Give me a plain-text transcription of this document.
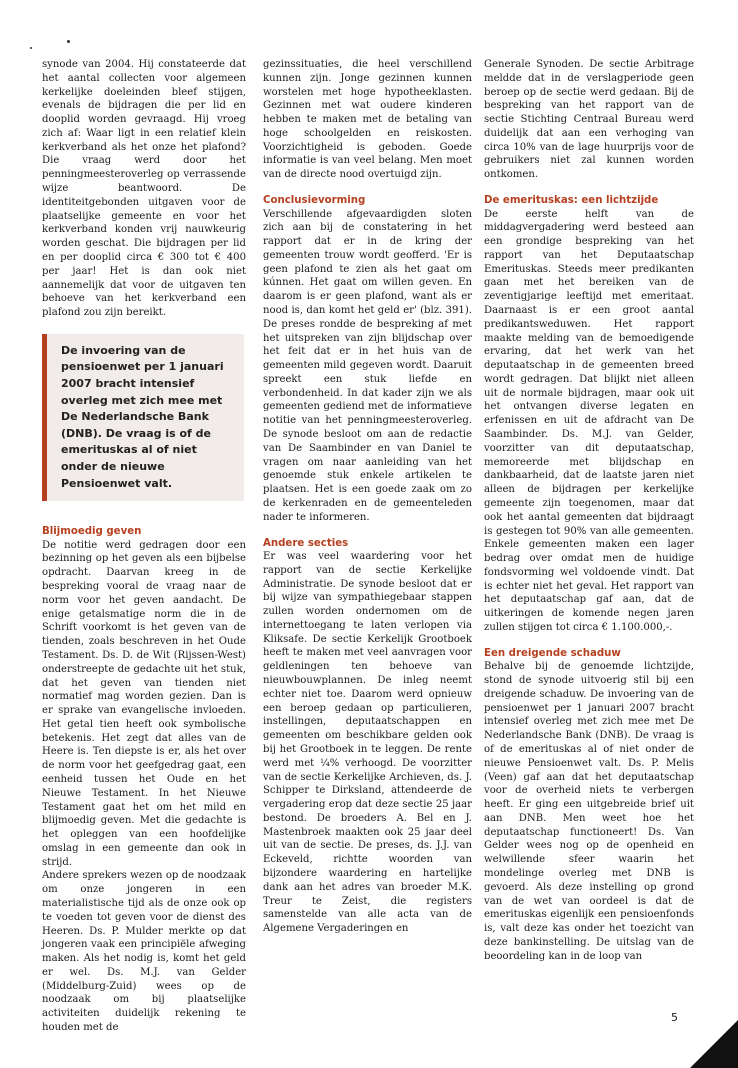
synode van 2004. Hij constateerde dat het aantal collecten voor algemeen kerkelijke doeleinden bleef stijgen, evenals de bijdragen die per lid en dooplid worden gevraagd. Hij vroeg zich af: Waar ligt in een relatief klein kerkverband als het onze het plafond? Die vraag werd door het penningmeesteroverleg op verrassende wijze beantwoord. De identiteitgebonden uitgaven voor de plaatselijke gemeente en voor het kerkverband konden vrij nauwkeurig worden geschat. Die bijdragen per lid en per dooplid circa € 300 tot € 400 per jaar! Het is dan ook niet aannemelijk dat voor de uitgaven ten behoeve van het kerkverband een plafond zou zijn bereikt.

De invoering van de pensioenwet per 1 januari 2007 bracht intensief overleg met zich mee met De Nederlandsche Bank (DNB). De vraag is of de emerituskas al of niet onder de nieuwe Pensioenwet valt.
Blijmoedig geven

De notitie werd gedragen door een bezinning op het geven als een bijbelse opdracht. Daarvan kreeg in de bespreking vooral de vraag naar de norm voor het geven aandacht. De enige getalsmatige norm die in de Schrift voorkomt is het geven van de tienden, zoals beschreven in het Oude Testament. Ds. D. de Wit (Rijssen-West) onderstreepte de gedachte uit het stuk, dat het geven van tienden niet normatief mag worden gezien. Dan is er sprake van evangelische invloeden. Het getal tien heeft ook symbolische betekenis. Het zegt dat alles van de Heere is. Ten diepste is er, als het over de norm voor het geefgedrag gaat, een eenheid tussen het Oude en het Nieuwe Testament. In het Nieuwe Testament gaat het om het mild en blijmoedig geven. Met die gedachte is het opleggen van een hoofdelijke omslag in een gemeente dan ook in strijd.

Andere sprekers wezen op de noodzaak om onze jongeren in een materialistische tijd als de onze ook op te voeden tot geven voor de dienst des Heeren. Ds. P. Mulder merkte op dat jongeren vaak een principiële afweging maken. Als het nodig is, komt het geld er wel. Ds. M.J. van Gelder (Middelburg-Zuid) wees op de noodzaak om bij plaatselijke activiteiten duidelijk rekening te houden met de

gezinssituaties, die heel verschillend kunnen zijn. Jonge gezinnen kunnen worstelen met hoge hypotheeklasten. Gezinnen met wat oudere kinderen hebben te maken met de betaling van hoge schoolgelden en reiskosten. Voorzichtigheid is geboden. Goede informatie is van veel belang. Men moet van de directe nood overtuigd zijn.

Conclusievorming

Verschillende afgevaardigden sloten zich aan bij de constatering in het rapport dat er in de kring der gemeenten trouw wordt geofferd. 'Er is geen plafond te zien als het gaat om kúnnen. Het gaat om willen geven. En daarom is er geen plafond, want als er nood is, dan komt het geld er' (blz. 391). De preses rondde de bespreking af met het uitspreken van zijn blijdschap over het feit dat er in het huis van de gemeenten mild gegeven wordt. Daaruit spreekt een stuk liefde en verbondenheid. In dat kader zijn we als gemeenten gediend met de informatieve notitie van het penningmeesteroverleg. De synode besloot om aan de redactie van De Saambinder en van Daniel te vragen om naar aanleiding van het genoemde stuk enkele artikelen te plaatsen. Het is een goede zaak om zo de kerkenraden en de gemeenteleden nader te informeren.

Andere secties

Er was veel waardering voor het rapport van de sectie Kerkelijke Administratie. De synode besloot dat er bij wijze van sympathiegebaar stappen zullen worden ondernomen om de internettoegang te laten verlopen via Kliksafe. De sectie Kerkelijk Grootboek heeft te maken met veel aanvragen voor geldleningen ten behoeve van nieuwbouwplannen. De inleg neemt echter niet toe. Daarom werd opnieuw een beroep gedaan op particulieren, instellingen, deputaatschappen en gemeenten om beschikbare gelden ook bij het Grootboek in te leggen. De rente werd met ¼% verhoogd. De voorzitter van de sectie Kerkelijke Archieven, ds. J. Schipper te Dirksland, attendeerde de vergadering erop dat deze sectie 25 jaar bestond. De broeders A. Bel en J. Mastenbroek maakten ook 25 jaar deel uit van de sectie. De preses, ds. J.J. van Eckeveld, richtte woorden van bijzondere waardering en hartelijke dank aan het adres van broeder M.K. Treur te Zeist, die registers samenstelde van alle acta van de Algemene Vergaderingen en

Generale Synoden. De sectie Arbitrage meldde dat in de verslagperiode geen beroep op de sectie werd gedaan. Bij de bespreking van het rapport van de sectie Stichting Centraal Bureau werd duidelijk dat aan een verhoging van circa 10% van de lage huurprijs voor de gebruikers niet zal kunnen worden ontkomen.

De emerituskas: een lichtzijde

De eerste helft van de middagvergadering werd besteed aan een grondige bespreking van het rapport van het Deputaatschap Emerituskas. Steeds meer predikanten gaan met het bereiken van de zeventigjarige leeftijd met emeritaat. Daarnaast is er een groot aantal predikantsweduwen. Het rapport maakte melding van de bemoedigende ervaring, dat het werk van het deputaatschap in de gemeenten breed wordt gedragen. Dat blijkt niet alleen uit de normale bijdragen, maar ook uit het ontvangen diverse legaten en erfenissen en uit de afdracht van De Saambinder. Ds. M.J. van Gelder, voorzitter van dit deputaatschap, memoreerde met blijdschap en dankbaarheid, dat de laatste jaren niet alleen de bijdragen per kerkelijke gemeente zijn toegenomen, maar dat ook het aantal gemeenten dat bijdraagt is gestegen tot 90% van alle gemeenten. Enkele gemeenten maken een lager bedrag over omdat men de huidige fondsvorming wel voldoende vindt. Dat is echter niet het geval. Het rapport van het deputaatschap gaf aan, dat de uitkeringen de komende negen jaren zullen stijgen tot circa € 1.100.000,-.

Een dreigende schaduw

Behalve bij de genoemde lichtzijde, stond de synode uitvoerig stil bij een dreigende schaduw. De invoering van de pensioenwet per 1 januari 2007 bracht intensief overleg met zich mee met De Nederlandsche Bank (DNB). De vraag is of de emerituskas al of niet onder de nieuwe Pensioenwet valt. Ds. P. Melis (Veen) gaf aan dat het deputaatschap voor de overheid niets te verbergen heeft. Er ging een uitgebreide brief uit aan DNB. Men weet hoe het deputaatschap functioneert! Ds. Van Gelder wees nog op de openheid en welwillende sfeer waarin het mondelinge overleg met DNB is gevoerd. Als deze instelling op grond van de wet van oordeel is dat de emerituskas eigenlijk een pensioenfonds is, valt deze kas onder het toezicht van deze bankinstelling. De uitslag van de beoordeling kan in de loop van

5
